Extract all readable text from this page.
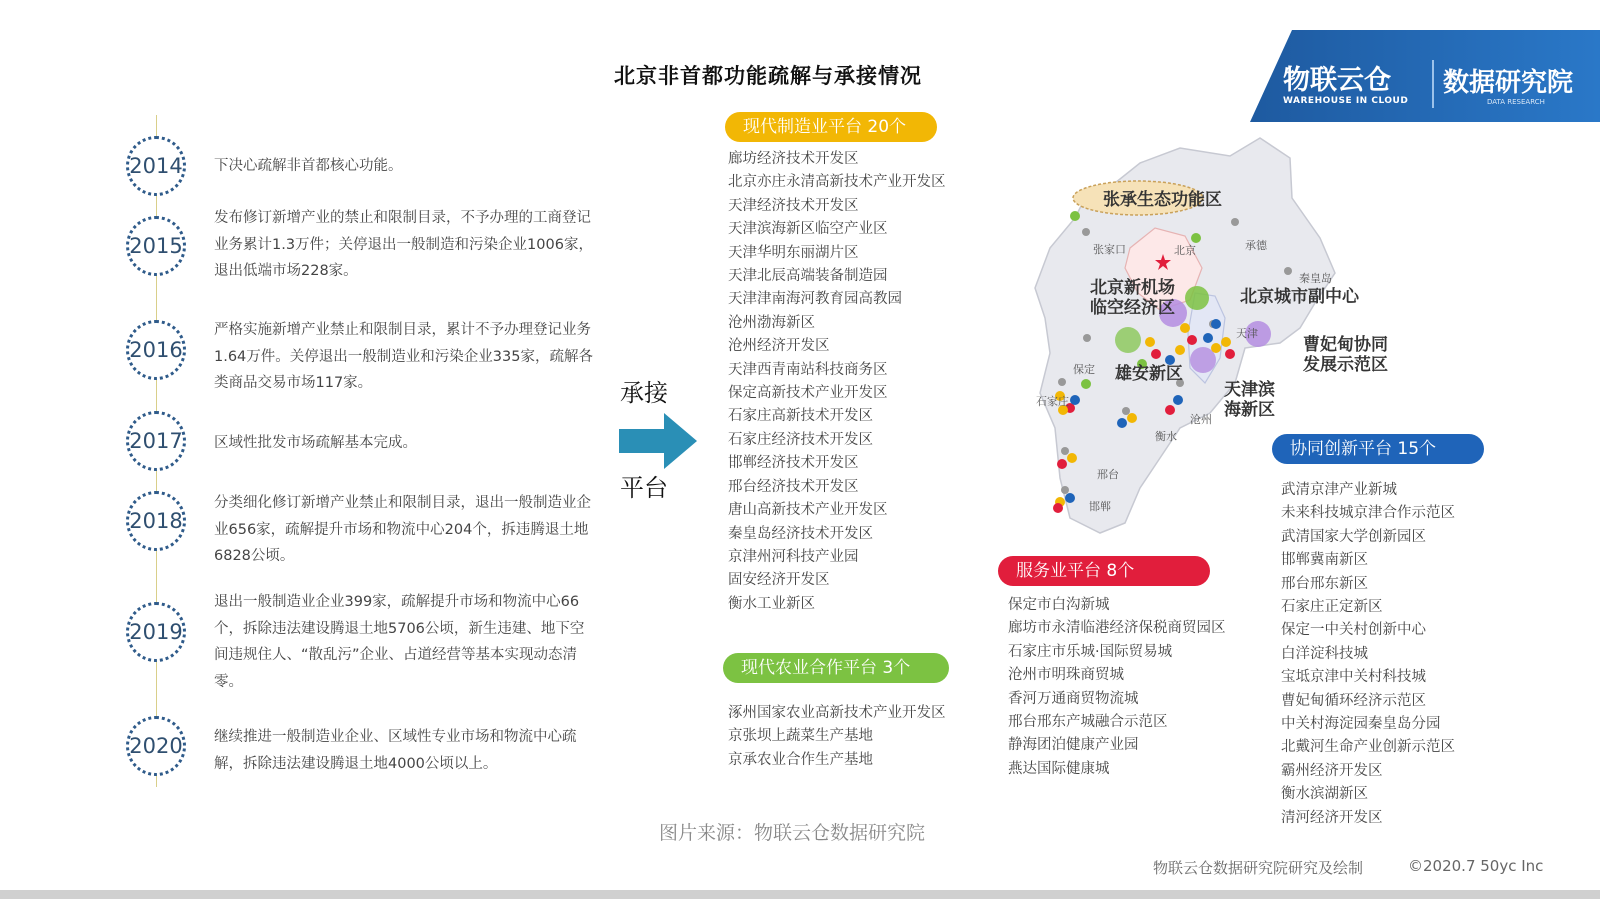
北京非首都功能疏解与承接情况	物联云仓
WAREHOUSE IN CLOUD
数据研究院
DATA RESEARCH
2014 下决心疏解非首都核心功能。
2015
发布修订新增产业的禁止和限制目录，不予办理的工商登记业务累计1.3万件；关停退出一般制造和污染企业1006家，退出低端市场228家。
2016
严格实施新增产业禁止和限制目录，累计不予办理登记业务1.64万件。关停退出一般制造业和污染企业335家，疏解各类商品交易市场117家。
2017 区域性批发市场疏解基本完成。
2018
分类细化修订新增产业禁止和限制目录，退出一般制造业企业656家，疏解提升市场和物流中心204个，拆违腾退土地6828公顷。
2019
退出一般制造业企业399家，疏解提升市场和物流中心66个，拆除违法建设腾退土地5706公顷，新生违建、地下空间违规住人、“散乱污”企业、占道经营等基本实现动态清零。
2020 继续推进一般制造业企业、区域性专业市场和物流中心疏解，拆除违法建设腾退土地4000公顷以上。
承接
平台
现代制造业平台 20个
廊坊经济技术开发区
北京亦庄永清高新技术产业开发区
天津经济技术开发区
天津滨海新区临空产业区
天津华明东丽湖片区
天津北辰高端装备制造园
天津津南海河教育园高教园
沧州渤海新区
沧州经济开发区
天津西青南站科技商务区
保定高新技术产业开发区
石家庄高新技术开发区
石家庄经济技术开发区
邯郸经济技术开发区
邢台经济技术开发区
唐山高新技术产业开发区
秦皇岛经济技术开发区
京津州河科技产业园
固安经济开发区
衡水工业新区
现代农业合作平台 3个
涿州国家农业高新技术产业开发区
京张坝上蔬菜生产基地
京承农业合作生产基地
服务业平台 8个
保定市白沟新城
廊坊市永清临港经济保税商贸园区
石家庄市乐城·国际贸易城
沧州市明珠商贸城
香河万通商贸物流城
邢台邢东产城融合示范区
静海团泊健康产业园
燕达国际健康城
协同创新平台 15个
武清京津产业新城
未来科技城京津合作示范区
武清国家大学创新园区
邯郸冀南新区
邢台邢东新区
石家庄正定新区
保定一中关村创新中心
白洋淀科技城
宝坻京津中关村科技城
曹妃甸循环经济示范区
中关村海淀园秦皇岛分园
北戴河生命产业创新示范区
霸州经济开发区
衡水滨湖新区
清河经济开发区
张承生态功能区
北京新机场
临空经济区
北京城市副中心
曹妃甸协同
发展示范区
雄安新区
天津滨
海新区
张家口	北京	承德
秦皇岛
天津
保定
石家庄
沧州
衡水
邢台
邯郸
图片来源：物联云仓数据研究院
物联云仓数据研究院研究及绘制	©2020.7 50yc Inc
